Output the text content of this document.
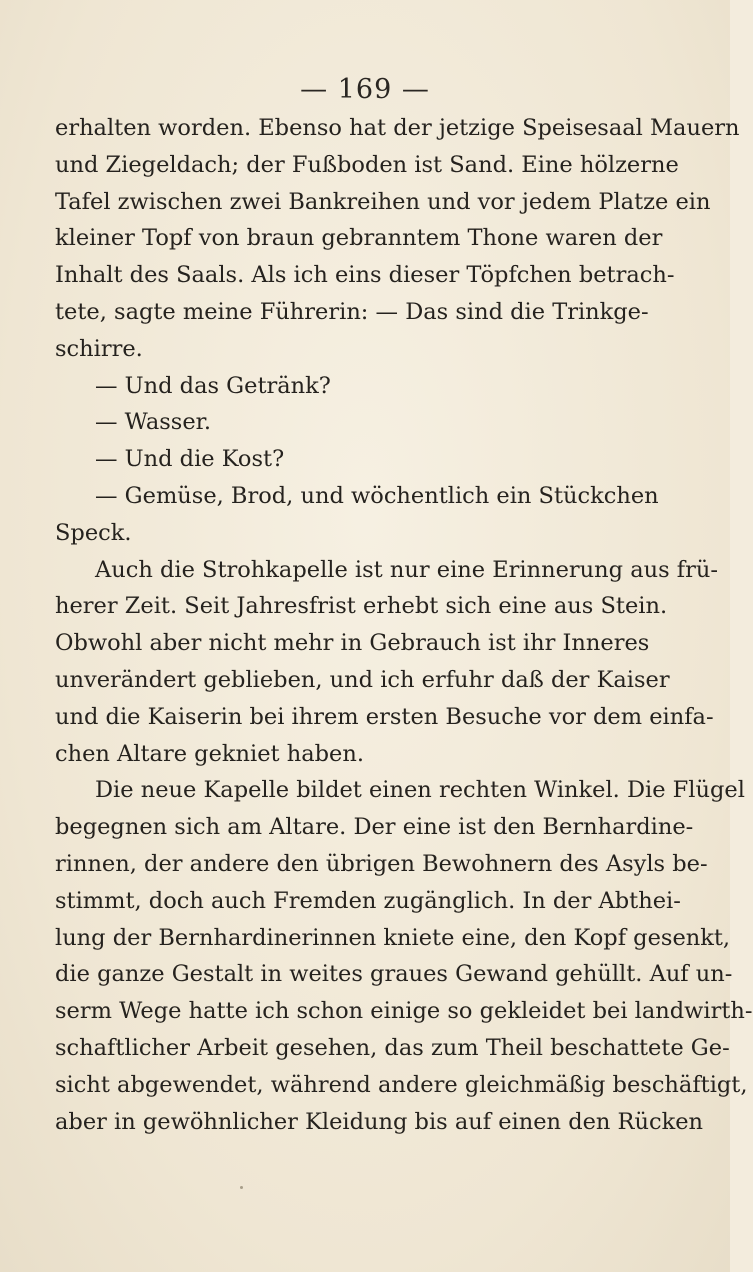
— 169 —
erhalten worden. Ebenso hat der jetzige Speisesaal Mauern
und Ziegeldach; der Fußboden ist Sand. Eine hölzerne
Tafel zwischen zwei Bankreihen und vor jedem Platze ein
kleiner Topf von braun gebranntem Thone waren der
Inhalt des Saals. Als ich eins dieser Töpfchen betrach-
tete, sagte meine Führerin: — Das sind die Trinkge-
schirre.
— Und das Getränk?
— Wasser.
— Und die Kost?
— Gemüse, Brod, und wöchentlich ein Stückchen
Speck.
Auch die Strohkapelle ist nur eine Erinnerung aus frü-
herer Zeit. Seit Jahresfrist erhebt sich eine aus Stein.
Obwohl aber nicht mehr in Gebrauch ist ihr Inneres
unverändert geblieben, und ich erfuhr daß der Kaiser
und die Kaiserin bei ihrem ersten Besuche vor dem einfa-
chen Altare gekniet haben.
Die neue Kapelle bildet einen rechten Winkel. Die Flügel
begegnen sich am Altare. Der eine ist den Bernhardine-
rinnen, der andere den übrigen Bewohnern des Asyls be-
stimmt, doch auch Fremden zugänglich. In der Abthei-
lung der Bernhardinerinnen kniete eine, den Kopf gesenkt,
die ganze Gestalt in weites graues Gewand gehüllt. Auf un-
serm Wege hatte ich schon einige so gekleidet bei landwirth-
schaftlicher Arbeit gesehen, das zum Theil beschattete Ge-
sicht abgewendet, während andere gleichmäßig beschäftigt,
aber in gewöhnlicher Kleidung bis auf einen den Rücken
